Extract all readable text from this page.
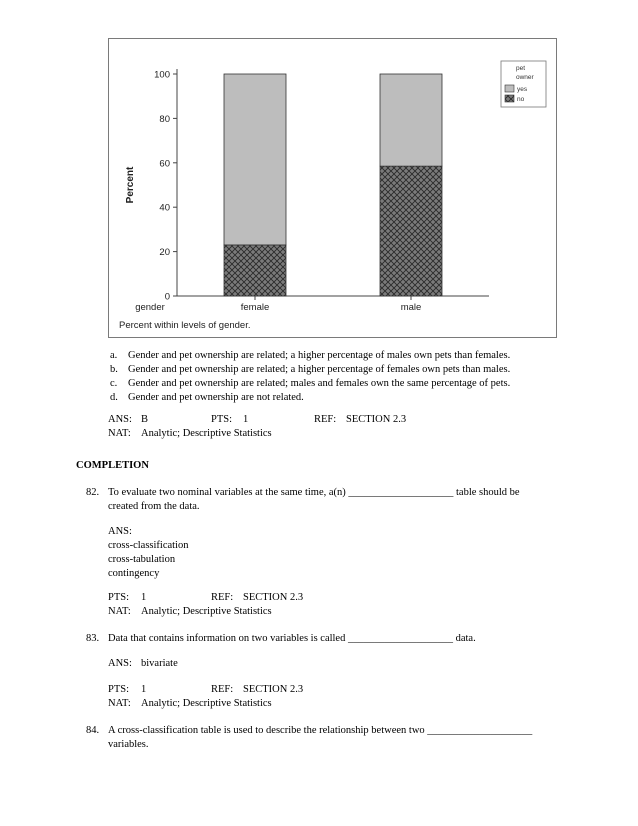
0
20
40
60
80
100
Percent
female	male
gender
Percent within levels of gender.
pet
owner
yes
no
a. Gender and pet ownership are related; a higher percentage of males own pets than females.
b. Gender and pet ownership are related; a higher percentage of females own pets than males.
c. Gender and pet ownership are related; males and females own the same percentage of pets.
d. Gender and pet ownership are not related.
ANS: B	PTS: 1	REF: SECTION 2.3
NAT: Analytic; Descriptive Statistics
COMPLETION
82. To evaluate two nominal variables at the same time, a(n) ____________________ table should be
created from the data.
ANS:
cross-classification
cross-tabulation
contingency
PTS: 1	REF: SECTION 2.3
NAT: Analytic; Descriptive Statistics
83. Data that contains information on two variables is called ____________________ data.
ANS: bivariate
PTS: 1	REF: SECTION 2.3
NAT: Analytic; Descriptive Statistics
84. A cross-classification table is used to describe the relationship between two ____________________
variables.
